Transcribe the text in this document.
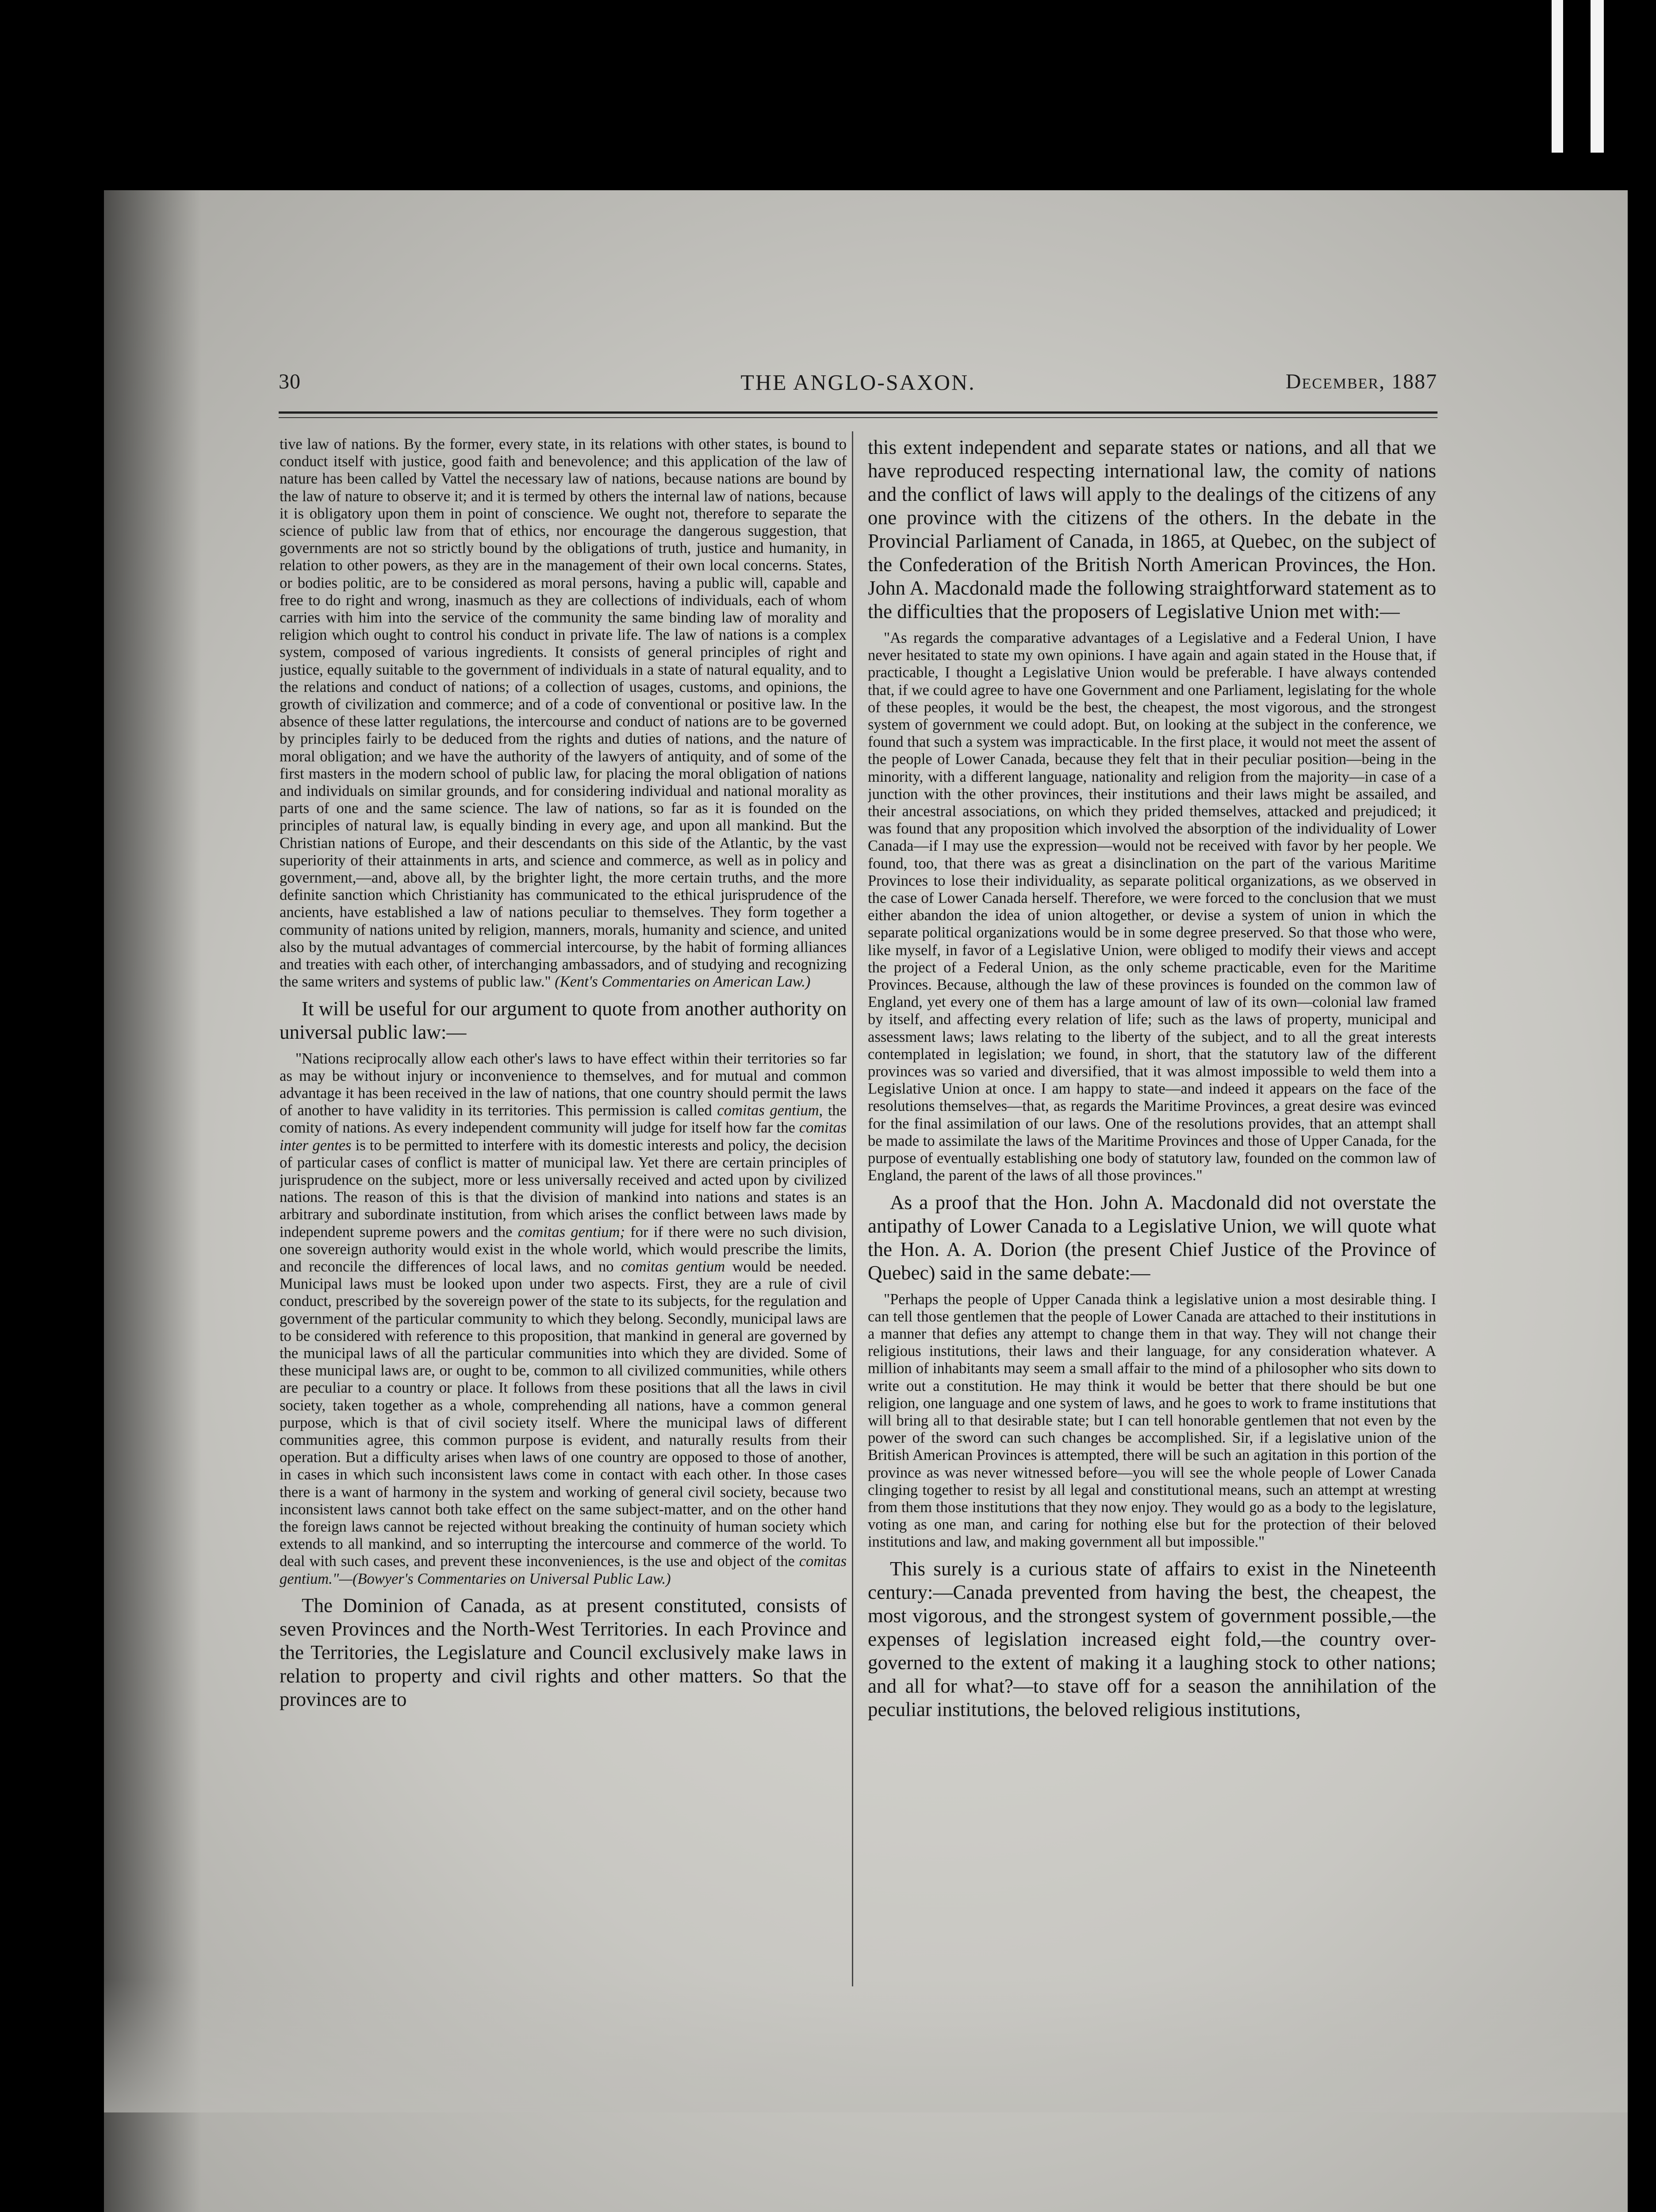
30	THE ANGLO-SAXON.	December, 1887

tive law of nations. By the former, every state, in its relations with other states, is bound to conduct itself with justice, good faith and benevolence; and this application of the law of nature has been called by Vattel the necessary law of nations, because nations are bound by the law of nature to observe it; and it is termed by others the internal law of nations, because it is obligatory upon them in point of conscience. We ought not, therefore to separate the science of public law from that of ethics, nor encourage the dangerous suggestion, that governments are not so strictly bound by the obligations of truth, justice and humanity, in relation to other powers, as they are in the management of their own local concerns. States, or bodies politic, are to be considered as moral persons, having a public will, capable and free to do right and wrong, inasmuch as they are collections of individuals, each of whom carries with him into the service of the community the same binding law of morality and religion which ought to control his conduct in private life. The law of nations is a complex system, composed of various ingredients. It consists of general principles of right and justice, equally suitable to the government of individuals in a state of natural equality, and to the relations and conduct of nations; of a collection of usages, customs, and opinions, the growth of civilization and commerce; and of a code of conventional or positive law. In the absence of these latter regulations, the intercourse and conduct of nations are to be governed by principles fairly to be deduced from the rights and duties of nations, and the nature of moral obligation; and we have the authority of the lawyers of antiquity, and of some of the first masters in the modern school of public law, for placing the moral obligation of nations and individuals on similar grounds, and for considering individual and national morality as parts of one and the same science. The law of nations, so far as it is founded on the principles of natural law, is equally binding in every age, and upon all mankind. But the Christian nations of Europe, and their descendants on this side of the Atlantic, by the vast superiority of their attainments in arts, and science and commerce, as well as in policy and government,—and, above all, by the brighter light, the more certain truths, and the more definite sanction which Christianity has communicated to the ethical jurisprudence of the ancients, have established a law of nations peculiar to themselves. They form together a community of nations united by religion, manners, morals, humanity and science, and united also by the mutual advantages of commercial intercourse, by the habit of forming alliances and treaties with each other, of interchanging ambassadors, and of studying and recognizing the same writers and systems of public law." (Kent's Commentaries on American Law.)

It will be useful for our argument to quote from another authority on universal public law:—

"Nations reciprocally allow each other's laws to have effect within their territories so far as may be without injury or inconvenience to themselves, and for mutual and common advantage it has been received in the law of nations, that one country should permit the laws of another to have validity in its territories. This permission is called comitas gentium, the comity of nations. As every independent community will judge for itself how far the comitas inter gentes is to be permitted to interfere with its domestic interests and policy, the decision of particular cases of conflict is matter of municipal law. Yet there are certain principles of jurisprudence on the subject, more or less universally received and acted upon by civilized nations. The reason of this is that the division of mankind into nations and states is an arbitrary and subordinate institution, from which arises the conflict between laws made by independent supreme powers and the comitas gentium; for if there were no such division, one sovereign authority would exist in the whole world, which would prescribe the limits, and reconcile the differences of local laws, and no comitas gentium would be needed. Municipal laws must be looked upon under two aspects. First, they are a rule of civil conduct, prescribed by the sovereign power of the state to its subjects, for the regulation and government of the particular community to which they belong. Secondly, municipal laws are to be considered with reference to this proposition, that mankind in general are governed by the municipal laws of all the particular communities into which they are divided. Some of these municipal laws are, or ought to be, common to all civilized communities, while others are peculiar to a country or place. It follows from these positions that all the laws in civil society, taken together as a whole, comprehending all nations, have a common general purpose, which is that of civil society itself. Where the municipal laws of different communities agree, this common purpose is evident, and naturally results from their operation. But a difficulty arises when laws of one country are opposed to those of another, in cases in which such inconsistent laws come in contact with each other. In those cases there is a want of harmony in the system and working of general civil society, because two inconsistent laws cannot both take effect on the same subject-matter, and on the other hand the foreign laws cannot be rejected without breaking the continuity of human society which extends to all mankind, and so interrupting the intercourse and commerce of the world. To deal with such cases, and prevent these inconveniences, is the use and object of the comitas gentium."—(Bowyer's Commentaries on Universal Public Law.)

The Dominion of Canada, as at present constituted, consists of seven Provinces and the North-West Territories. In each Province and the Territories, the Legislature and Council exclusively make laws in relation to property and civil rights and other matters. So that the provinces are to

this extent independent and separate states or nations, and all that we have reproduced respecting international law, the comity of nations and the conflict of laws will apply to the dealings of the citizens of any one province with the citizens of the others. In the debate in the Provincial Parliament of Canada, in 1865, at Quebec, on the subject of the Confederation of the British North American Provinces, the Hon. John A. Macdonald made the following straightforward statement as to the difficulties that the proposers of Legislative Union met with:—

"As regards the comparative advantages of a Legislative and a Federal Union, I have never hesitated to state my own opinions. I have again and again stated in the House that, if practicable, I thought a Legislative Union would be preferable. I have always contended that, if we could agree to have one Government and one Parliament, legislating for the whole of these peoples, it would be the best, the cheapest, the most vigorous, and the strongest system of government we could adopt. But, on looking at the subject in the conference, we found that such a system was impracticable. In the first place, it would not meet the assent of the people of Lower Canada, because they felt that in their peculiar position—being in the minority, with a different language, nationality and religion from the majority—in case of a junction with the other provinces, their institutions and their laws might be assailed, and their ancestral associations, on which they prided themselves, attacked and prejudiced; it was found that any proposition which involved the absorption of the individuality of Lower Canada—if I may use the expression—would not be received with favor by her people. We found, too, that there was as great a disinclination on the part of the various Maritime Provinces to lose their individuality, as separate political organizations, as we observed in the case of Lower Canada herself. Therefore, we were forced to the conclusion that we must either abandon the idea of union altogether, or devise a system of union in which the separate political organizations would be in some degree preserved. So that those who were, like myself, in favor of a Legislative Union, were obliged to modify their views and accept the project of a Federal Union, as the only scheme practicable, even for the Maritime Provinces. Because, although the law of these provinces is founded on the common law of England, yet every one of them has a large amount of law of its own—colonial law framed by itself, and affecting every relation of life; such as the laws of property, municipal and assessment laws; laws relating to the liberty of the subject, and to all the great interests contemplated in legislation; we found, in short, that the statutory law of the different provinces was so varied and diversified, that it was almost impossible to weld them into a Legislative Union at once. I am happy to state—and indeed it appears on the face of the resolutions themselves—that, as regards the Maritime Provinces, a great desire was evinced for the final assimilation of our laws. One of the resolutions provides, that an attempt shall be made to assimilate the laws of the Maritime Provinces and those of Upper Canada, for the purpose of eventually establishing one body of statutory law, founded on the common law of England, the parent of the laws of all those provinces."

As a proof that the Hon. John A. Macdonald did not overstate the antipathy of Lower Canada to a Legislative Union, we will quote what the Hon. A. A. Dorion (the present Chief Justice of the Province of Quebec) said in the same debate:—

"Perhaps the people of Upper Canada think a legislative union a most desirable thing. I can tell those gentlemen that the people of Lower Canada are attached to their institutions in a manner that defies any attempt to change them in that way. They will not change their religious institutions, their laws and their language, for any consideration whatever. A million of inhabitants may seem a small affair to the mind of a philosopher who sits down to write out a constitution. He may think it would be better that there should be but one religion, one language and one system of laws, and he goes to work to frame institutions that will bring all to that desirable state; but I can tell honorable gentlemen that not even by the power of the sword can such changes be accomplished. Sir, if a legislative union of the British American Provinces is attempted, there will be such an agitation in this portion of the province as was never witnessed before—you will see the whole people of Lower Canada clinging together to resist by all legal and constitutional means, such an attempt at wresting from them those institutions that they now enjoy. They would go as a body to the legislature, voting as one man, and caring for nothing else but for the protection of their beloved institutions and law, and making government all but impossible."

This surely is a curious state of affairs to exist in the Nineteenth century:—Canada prevented from having the best, the cheapest, the most vigorous, and the strongest system of government possible,—the expenses of legislation increased eight fold,—the country over-governed to the extent of making it a laughing stock to other nations; and all for what?—to stave off for a season the annihilation of the peculiar institutions, the beloved religious institutions,
